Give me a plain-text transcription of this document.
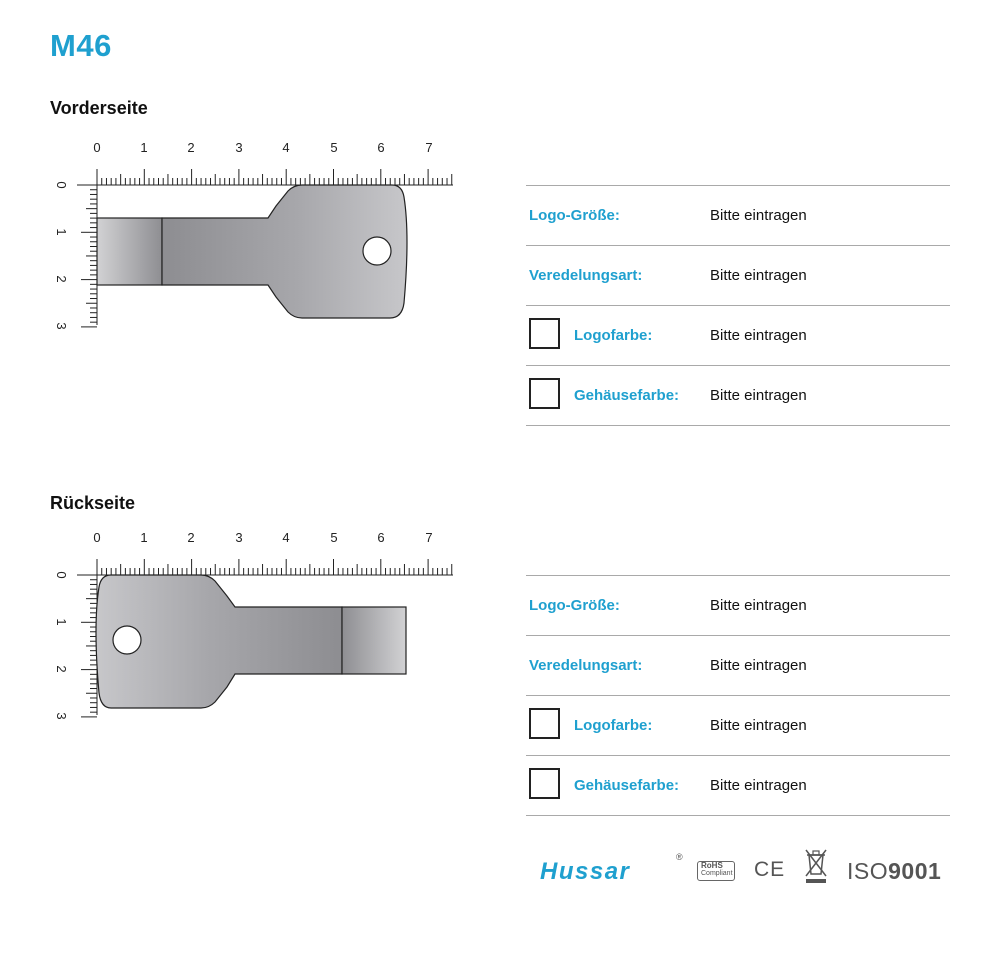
M46
Vorderseite
0	1	2	3	4	5	6	7
0
1
2
3
Logo-Größe:	Bitte eintragen
Veredelungsart:	Bitte eintragen
Logofarbe:	Bitte eintragen
Gehäusefarbe: Bitte eintragen
Rückseite
0	1	2	3	4	5	6	7
0
1
2
3
Logo-Größe:	Bitte eintragen
Veredelungsart:	Bitte eintragen
Logofarbe:	Bitte eintragen
Gehäusefarbe: Bitte eintragen
Hussar
®
RoHS
Compliant CE	ISO9001
